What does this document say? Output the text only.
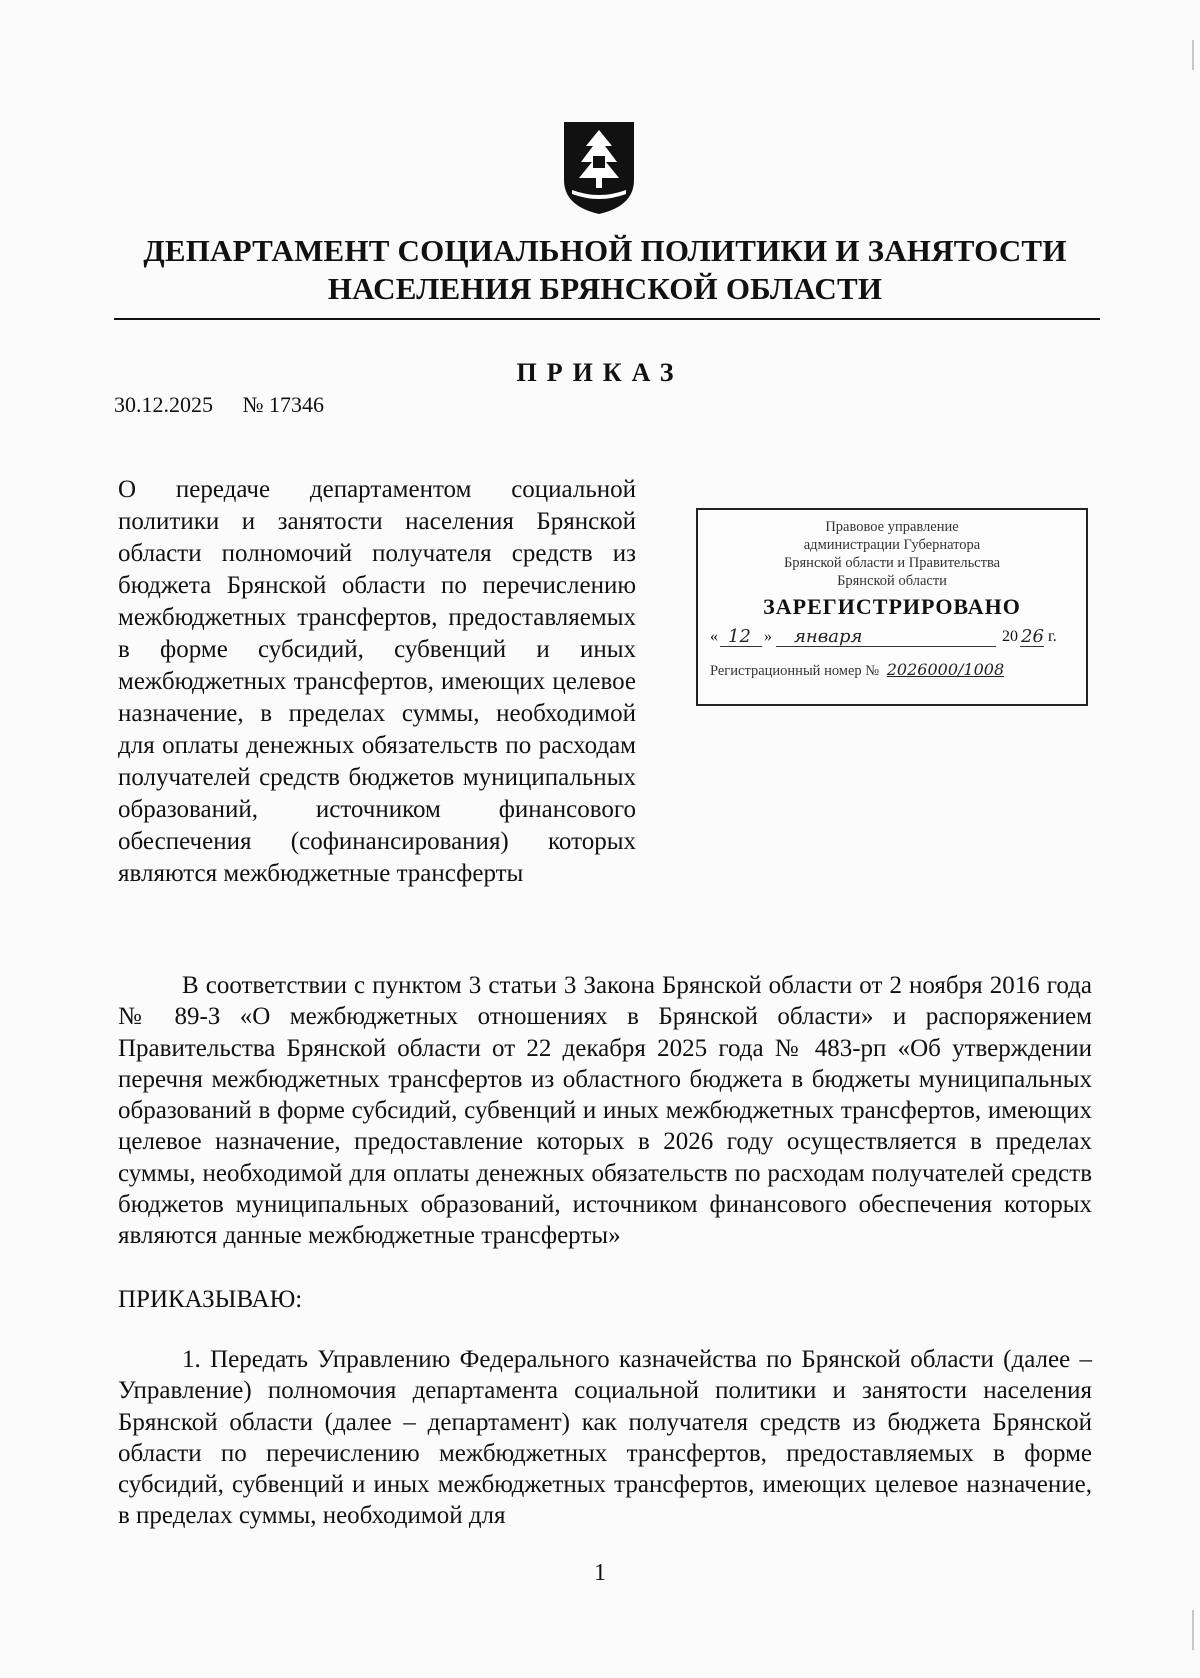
ДЕПАРТАМЕНТ СОЦИАЛЬНОЙ ПОЛИТИКИ И ЗАНЯТОСТИ
НАСЕЛЕНИЯ БРЯНСКОЙ ОБЛАСТИ
ПРИКАЗ
30.12.2025 № 17346
О передаче департаментом социальной политики и занятости населения Брянской области полномочий получателя средств из бюджета Брянской области по перечислению межбюджетных трансфертов, предоставляемых в форме субсидий, субвенций и иных межбюджетных трансфертов, имеющих целевое назначение, в пределах суммы, необходимой для оплаты денежных обязательств по расходам получателей средств бюджетов муниципальных образований, источником финансового обеспечения (софинансирования) которых являются межбюджетные трансферты
Правовое управление
администрации Губернатора
Брянской области и Правительства
Брянской области
ЗАРЕГИСТРИРОВАНО
« 12 » января	20 26 г.
Регистрационный номер № 2026000/1008
В соответствии с пунктом 3 статьи 3 Закона Брянской области от 2 ноября 2016 года № 89-З «О межбюджетных отношениях в Брянской области» и распоряжением Правительства Брянской области от 22 декабря 2025 года № 483-рп «Об утверждении перечня межбюджетных трансфертов из областного бюджета в бюджеты муниципальных образований в форме субсидий, субвенций и иных межбюджетных трансфертов, имеющих целевое назначение, предоставление которых в 2026 году осуществляется в пределах суммы, необходимой для оплаты денежных обязательств по расходам получателей средств бюджетов муниципальных образований, источником финансового обеспечения которых являются данные межбюджетные трансферты»
ПРИКАЗЫВАЮ:
1. Передать Управлению Федерального казначейства по Брянской области (далее – Управление) полномочия департамента социальной политики и занятости населения Брянской области (далее – департамент) как получателя средств из бюджета Брянской области по перечислению межбюджетных трансфертов, предоставляемых в форме субсидий, субвенций и иных межбюджетных трансфертов, имеющих целевое назначение, в пределах суммы, необходимой для
1
